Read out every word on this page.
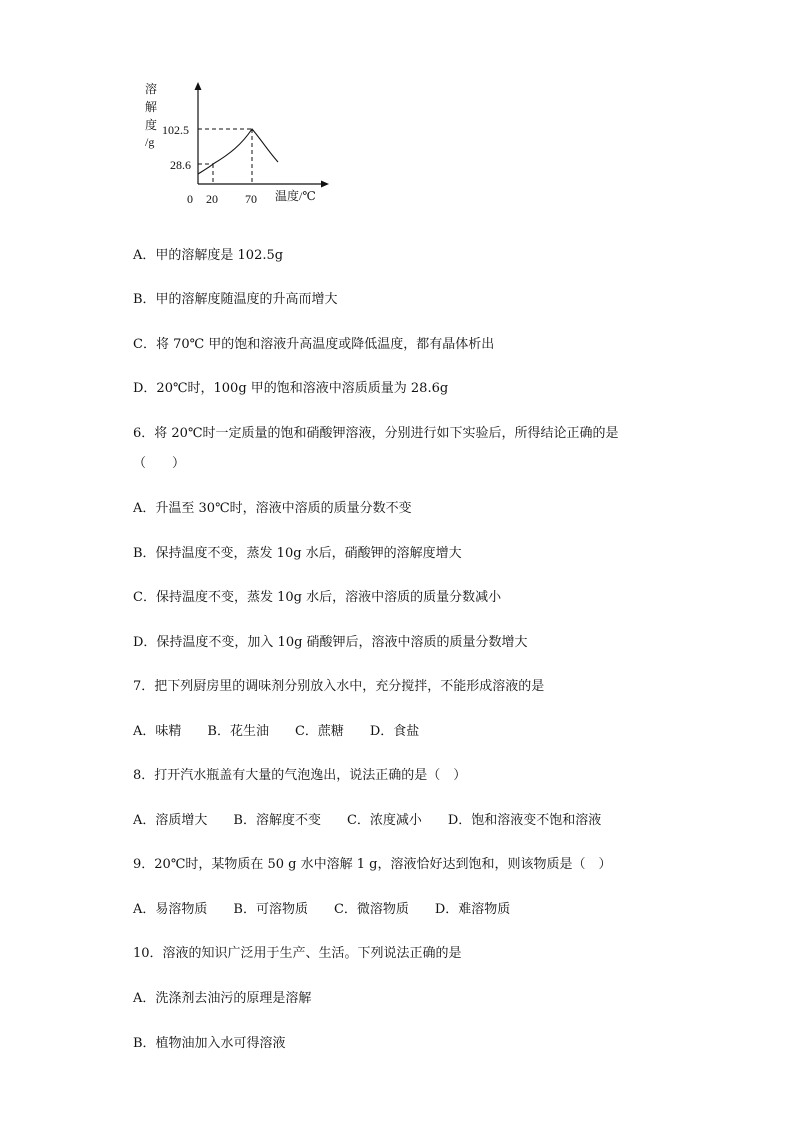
溶
解
度
/g
102.5
28.6
0 20 70 温度/℃
A．甲的溶解度是 102.5g
B．甲的溶解度随温度的升高而增大
C．将 70℃ 甲的饱和溶液升高温度或降低温度，都有晶体析出
D．20℃时，100g 甲的饱和溶液中溶质质量为 28.6g
6．将 20℃时一定质量的饱和硝酸钾溶液，分别进行如下实验后，所得结论正确的是
（　　）
A．升温至 30℃时，溶液中溶质的质量分数不变
B．保持温度不变，蒸发 10g 水后，硝酸钾的溶解度增大
C．保持温度不变，蒸发 10g 水后，溶液中溶质的质量分数减小
D．保持温度不变，加入 10g 硝酸钾后，溶液中溶质的质量分数增大
7．把下列厨房里的调味剂分别放入水中，充分搅拌，不能形成溶液的是
A．味精　　B．花生油　　C．蔗糖　　D．食盐
8．打开汽水瓶盖有大量的气泡逸出，说法正确的是（　）
A．溶质增大　　B．溶解度不变　　C．浓度减小　　D．饱和溶液变不饱和溶液
9．20℃时，某物质在 50 g 水中溶解 1 g，溶液恰好达到饱和，则该物质是（　）
A．易溶物质　　B．可溶物质　　C．微溶物质　　D．难溶物质
10．溶液的知识广泛用于生产、生活。下列说法正确的是
A．洗涤剂去油污的原理是溶解
B．植物油加入水可得溶液
